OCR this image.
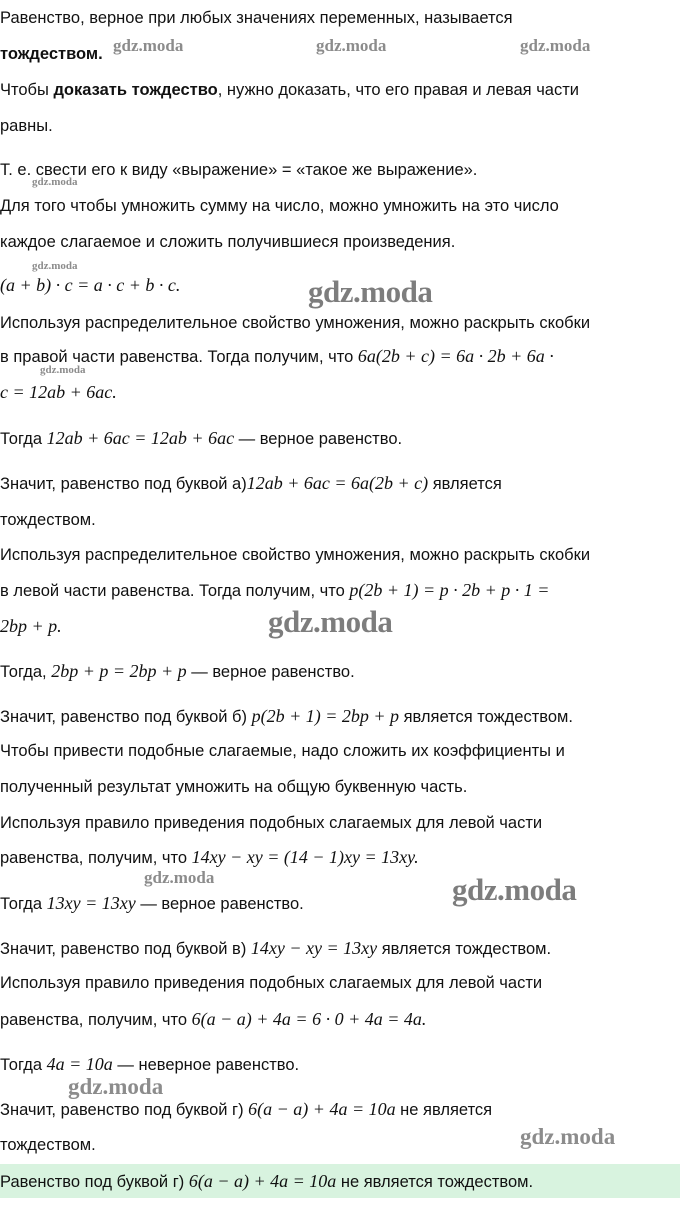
Равенство, верное при любых значениях переменных, называется
тождеством.
Чтобы доказать тождество, нужно доказать, что его правая и левая части
равны.
Т. е. свести его к виду «выражение» = «такое же выражение».
Для того чтобы умножить сумму на число, можно умножить на это число
каждое слагаемое и сложить получившиеся произведения.
(a + b) · c = a · c + b · c.
Используя распределительное свойство умножения, можно раскрыть скобки
в правой части равенства. Тогда получим, что 6a(2b + c) = 6a · 2b + 6a ·
c = 12ab + 6ac.
Тогда 12ab + 6ac = 12ab + 6ac — верное равенство.
Значит, равенство под буквой а)12ab + 6ac = 6a(2b + c) является
тождеством.
Используя распределительное свойство умножения, можно раскрыть скобки
в левой части равенства. Тогда получим, что p(2b + 1) = p · 2b + p · 1 =
2bp + p.
Тогда, 2bp + p = 2bp + p — верное равенство.
Значит, равенство под буквой б) p(2b + 1) = 2bp + p является тождеством.
Чтобы привести подобные слагаемые, надо сложить их коэффициенты и
полученный результат умножить на общую буквенную часть.
Используя правило приведения подобных слагаемых для левой части
равенства, получим, что 14xy − xy = (14 − 1)xy = 13xy.
Тогда 13xy = 13xy — верное равенство.
Значит, равенство под буквой в) 14xy − xy = 13xy является тождеством.
Используя правило приведения подобных слагаемых для левой части
равенства, получим, что 6(a − a) + 4a = 6 · 0 + 4a = 4a.
Тогда 4a = 10a — неверное равенство.
Значит, равенство под буквой г) 6(a − a) + 4a = 10a не является
тождеством.
Равенство под буквой г) 6(a − a) + 4a = 10a не является тождеством.
gdz.moda	gdz.moda	gdz.moda
gdz.moda
gdz.moda
gdz.moda
gdz.moda
gdz.moda
gdz.moda	gdz.moda
gdz.moda
gdz.moda
